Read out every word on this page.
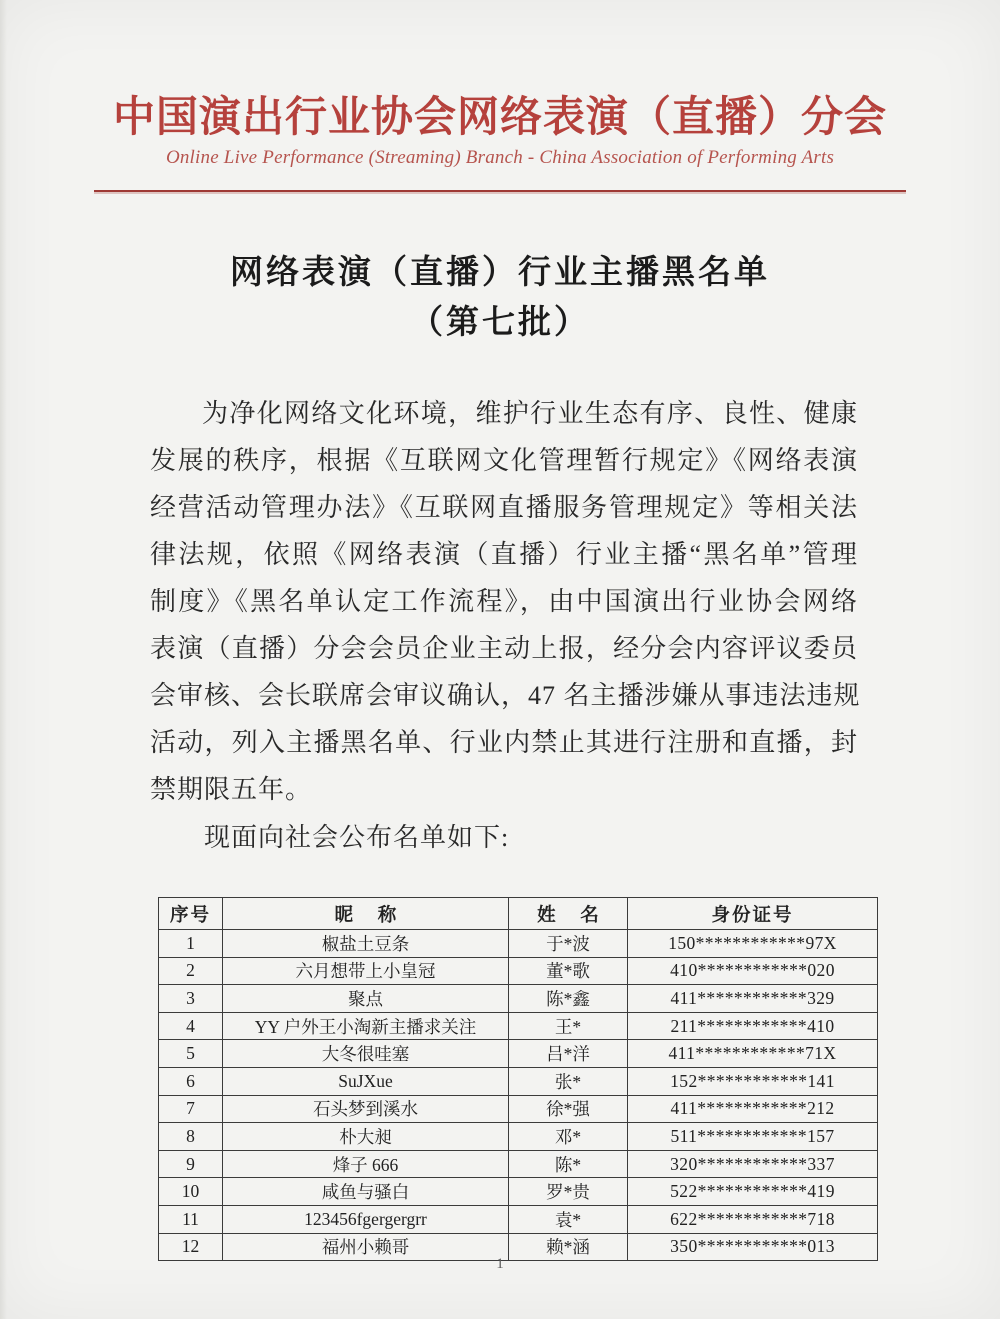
中国演出行业协会网络表演（直播）分会
Online Live Performance (Streaming) Branch - China Association of Performing Arts
网络表演（直播）行业主播黑名单
（第七批）
为净化网络文化环境，维护行业生态有序、良性、健康
发展的秩序，根据《互联网文化管理暂行规定》《网络表演
经营活动管理办法》《互联网直播服务管理规定》等相关法
律法规，依照《网络表演（直播）行业主播“黑名单”管理
制度》《黑名单认定工作流程》，由中国演出行业协会网络
表演（直播）分会会员企业主动上报，经分会内容评议委员
会审核、会长联席会审议确认，47 名主播涉嫌从事违法违规
活动，列入主播黑名单、行业内禁止其进行注册和直播，封
禁期限五年。
现面向社会公布名单如下:
序号	昵 称	姓 名	身份证号
1	椒盐土豆条	于*波	150************97X
2	六月想带上小皇冠	董*歌	410************020
3	聚点	陈*鑫	411************329
4	YY 户外王小淘新主播求关注	王*	211************410
5	大冬很哇塞	吕*洋	411************71X
6	SuJXue	张*	152************141
7	石头梦到溪水	徐*强	411************212
8	朴大昶	邓*	511************157
9	烽子 666	陈*	320************337
10	咸鱼与骚白	罗*贵	522************419
11	123456fgergergrr	袁*	622************718
12	福州小赖哥	赖*涵	350************013
1
